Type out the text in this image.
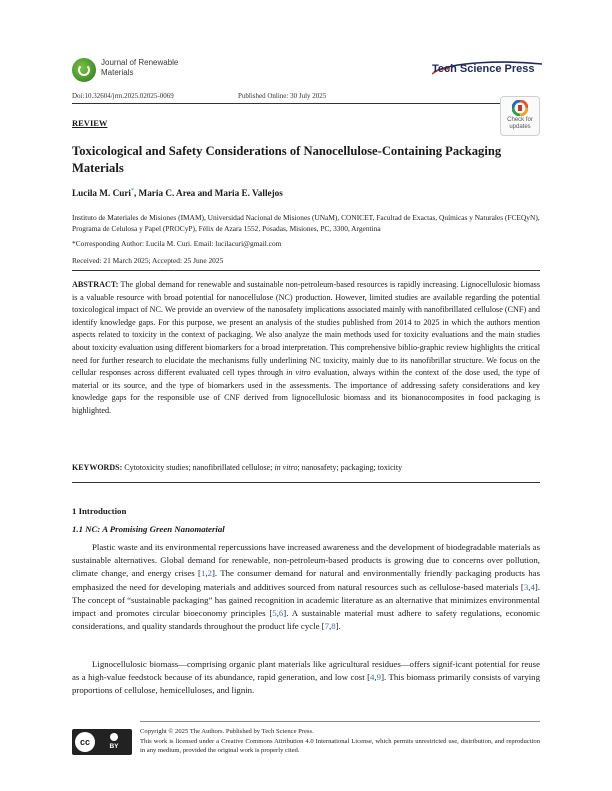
Journal of Renewable
Materials	Tech Science Press
Doi:10.32604/jrm.2025.02025-0069	Published Online: 30 July 2025
REVIEW	Check for
updates
Toxicological and Safety Considerations of Nanocellulose-Containing Packaging Materials
Lucila M. Curi*, Maria C. Area and Maria E. Vallejos
Instituto de Materiales de Misiones (IMAM), Universidad Nacional de Misiones (UNaM), CONICET, Facultad de Exactas, Químicas y Naturales (FCEQyN), Programa de Celulosa y Papel (PROCyP), Félix de Azara 1552, Posadas, Misiones, PC, 3300, Argentina
*Corresponding Author: Lucila M. Curi. Email: lucilacuri@gmail.com
Received: 21 March 2025; Accepted: 25 June 2025
ABSTRACT: The global demand for renewable and sustainable non-petroleum-based resources is rapidly increasing. Lignocellulosic biomass is a valuable resource with broad potential for nanocellulose (NC) production. However, limited studies are available regarding the potential toxicological impact of NC. We provide an overview of the nanosafety implications associated mainly with nanofibrillated cellulose (CNF) and identify knowledge gaps. For this purpose, we present an analysis of the studies published from 2014 to 2025 in which the authors mention aspects related to toxicity in the context of packaging. We also analyze the main methods used for toxicity evaluations and the main studies about toxicity evaluation using different biomarkers for a broad interpretation. This comprehensive biblio-graphic review highlights the critical need for further research to elucidate the mechanisms fully underlining NC toxicity, mainly due to its nanofibrillar structure. We focus on the cellular responses across different evaluated cell types through in vitro evaluation, always within the context of the dose used, the type of material or its source, and the type of biomarkers used in the assessments. The importance of addressing safety considerations and key knowledge gaps for the responsible use of CNF derived from lignocellulosic biomass and its bionanocomposites in food packaging is highlighted.
KEYWORDS: Cytotoxicity studies; nanofibrillated cellulose; in vitro; nanosafety; packaging; toxicity
1 Introduction
1.1 NC: A Promising Green Nanomaterial
Plastic waste and its environmental repercussions have increased awareness and the development of biodegradable materials as sustainable alternatives. Global demand for renewable, non-petroleum-based products is growing due to concerns over pollution, climate change, and energy crises [1,2]. The consumer demand for natural and environmentally friendly packaging products has emphasized the need for developing materials and additives sourced from natural resources such as cellulose-based materials [3,4]. The concept of “sustainable packaging” has gained recognition in academic literature as an alternative that minimizes environmental impact and promotes circular bioeconomy principles [5,6]. A sustainable material must adhere to safety regulations, economic considerations, and quality standards throughout the product life cycle [7,8].
Lignocellulosic biomass—comprising organic plant materials like agricultural residues—offers signif-icant potential for reuse as a high-value feedstock because of its abundance, rapid generation, and low cost [4,9]. This biomass primarily consists of varying proportions of cellulose, hemicelluloses, and lignin.
cc	BY
Copyright © 2025 The Authors. Published by Tech Science Press.
This work is licensed under a Creative Commons Attribution 4.0 International License, which permits unrestricted use, distribution, and reproduction in any medium, provided the original work is properly cited.
